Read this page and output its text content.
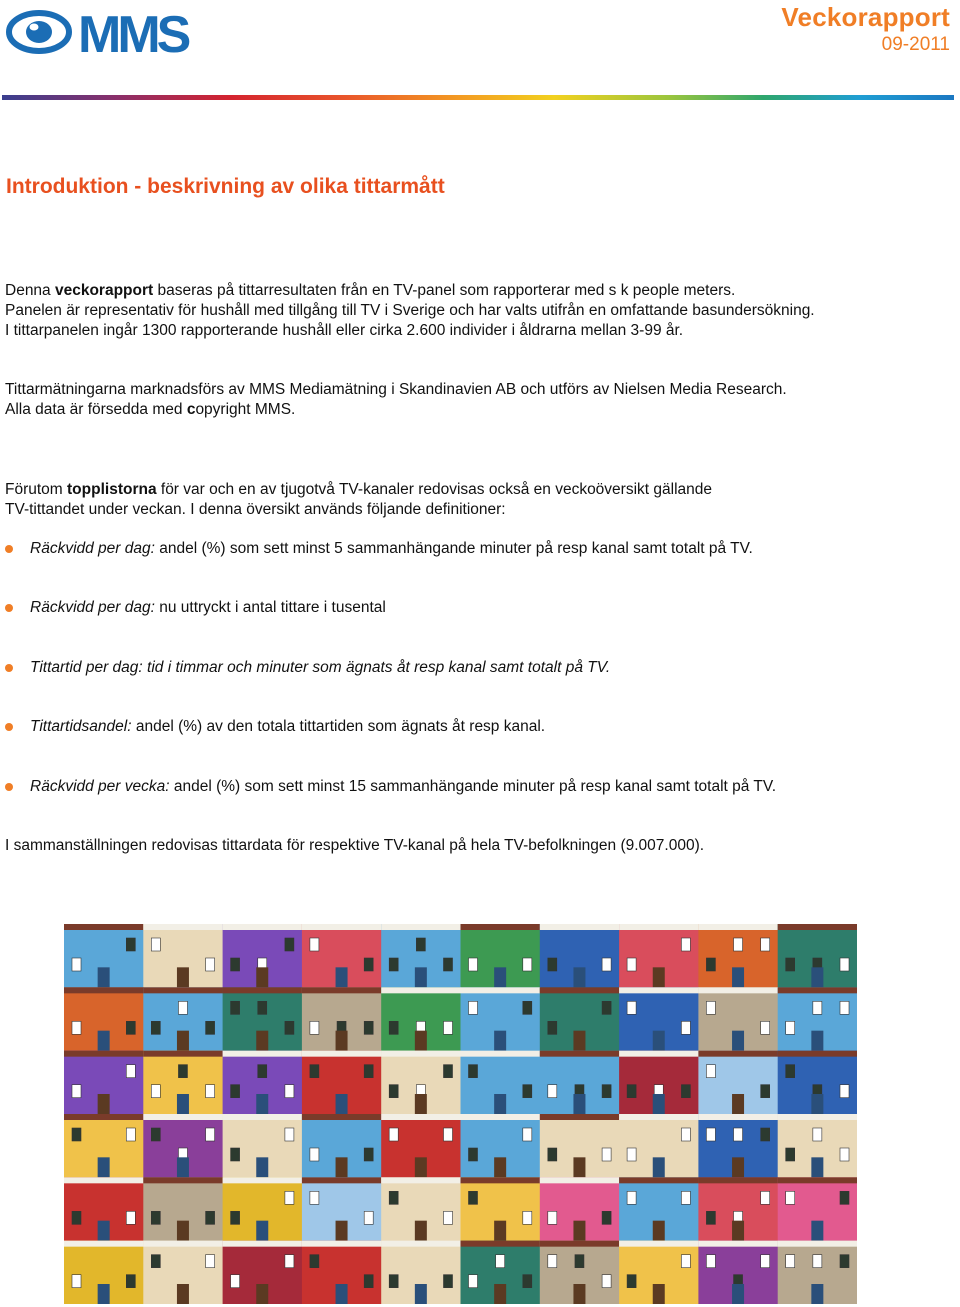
MMS	Veckorapport
09-2011
Introduktion - beskrivning av olika tittarmått
Denna veckorapport baseras på tittarresultaten från en TV-panel som rapporterar med s k people meters.
Panelen är representativ för hushåll med tillgång till TV i Sverige och har valts utifrån en omfattande basundersökning.
I tittarpanelen ingår 1300 rapporterande hushåll eller cirka 2.600 individer i åldrarna mellan 3-99 år.
Tittarmätningarna marknadsförs av MMS Mediamätning i Skandinavien AB och utförs av Nielsen Media Research.
Alla data är försedda med copyright MMS.
Förutom topplistorna för var och en av tjugotvå TV-kanaler redovisas också en veckoöversikt gällande
TV-tittandet under veckan. I denna översikt används följande definitioner:
Räckvidd per dag: andel (%) som sett minst 5 sammanhängande minuter på resp kanal samt totalt på TV.
Räckvidd per dag: nu uttryckt i antal tittare i tusental
Tittartid per dag: tid i timmar och minuter som ägnats åt resp kanal samt totalt på TV.
Tittartidsandel: andel (%) av den totala tittartiden som ägnats åt resp kanal.
Räckvidd per vecka: andel (%) som sett minst 15 sammanhängande minuter på resp kanal samt totalt på TV.
I sammanställningen redovisas tittardata för respektive TV-kanal på hela TV-befolkningen (9.007.000).
